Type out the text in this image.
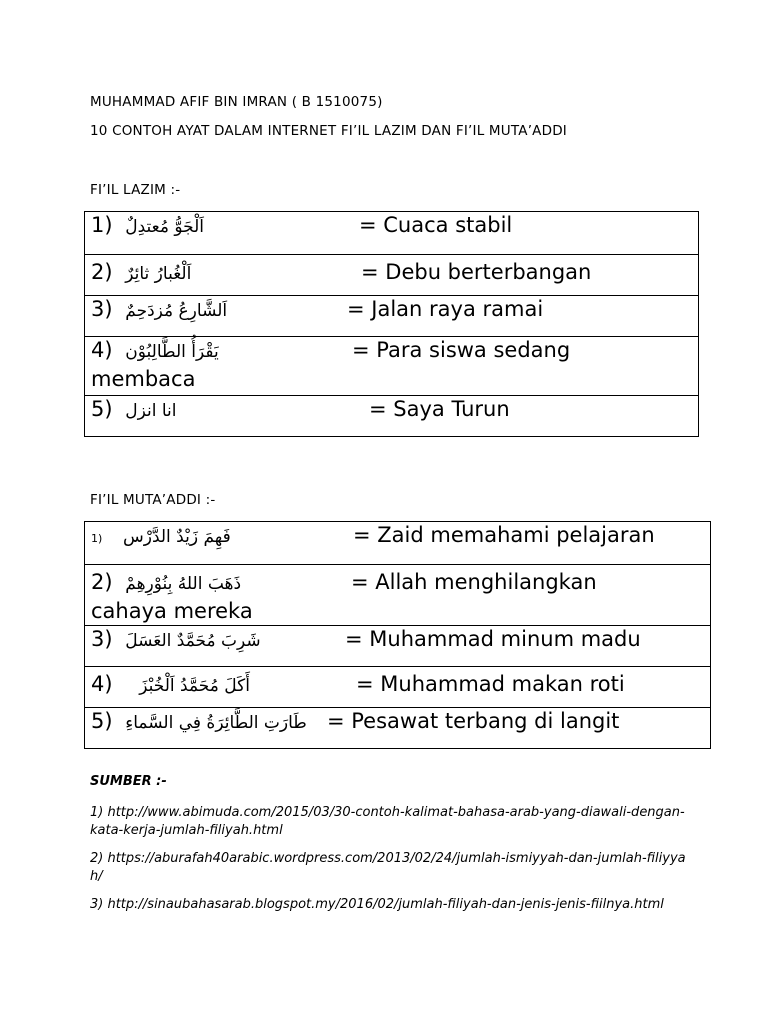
MUHAMMAD AFIF BIN IMRAN ( B 1510075)
10 CONTOH AYAT DALAM INTERNET FI’IL LAZIM DAN FI’IL MUTA’ADDI
FI’IL LAZIM :-
1) اَلْجَوُّ مُعتدِلٌ	= Cuaca stabil

2) اَلْغُبارُ ثائِرٌ	= Debu berterbangan

3) اَلشَّارِعُ مُزدَحِمٌ	= Jalan raya ramai

4) يَقْرَأُ الطَّالِبُوْن	= Para siswa sedang
membaca

5) انا انزل	= Saya Turun
FI’IL MUTA’ADDI :-
1) فَهِمَ زَيْدٌ الدَّرْس	= Zaid memahami pelajaran

2) ذَهَبَ اللهُ بِنُوْرِهِمْ	= Allah menghilangkan
cahaya mereka

3) شَرِبَ مُحَمَّدٌ العَسَلَ	= Muhammad minum madu

4) أَكَلَ مُحَمَّدُ اَلْخُبْزَ	= Muhammad makan roti

5) طَارَتِ الطَّائِرَةُ فِي السَّماءِ = Pesawat terbang di langit
SUMBER :-
1) http://www.abimuda.com/2015/03/30-contoh-kalimat-bahasa-arab-yang-diawali-dengan-kata-kerja-jumlah-filiyah.html
2) https://aburafah40arabic.wordpress.com/2013/02/24/jumlah-ismiyyah-dan-jumlah-filiyyah/
3) http://sinaubahasarab.blogspot.my/2016/02/jumlah-filiyah-dan-jenis-jenis-fiilnya.html
